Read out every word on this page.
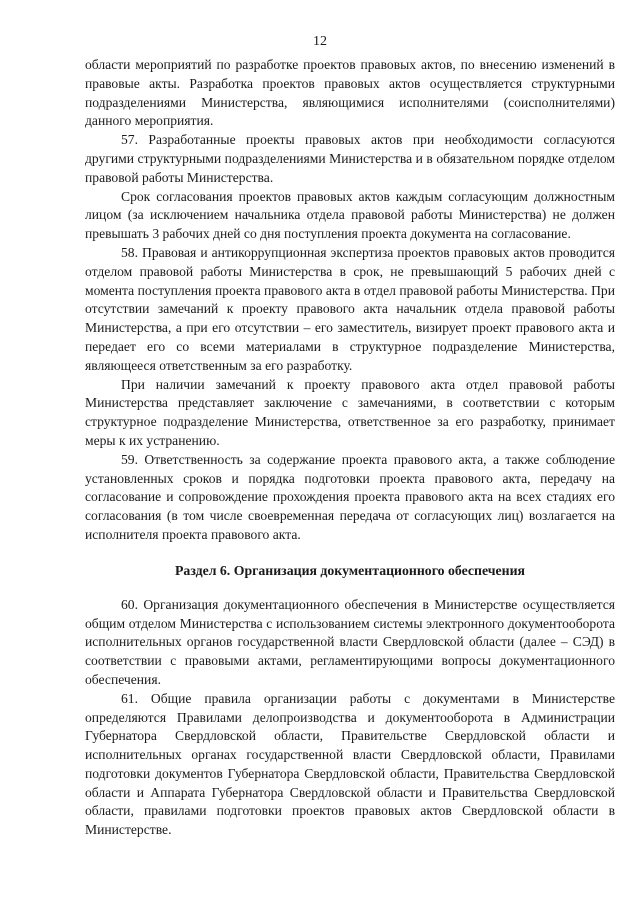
12

области мероприятий по разработке проектов правовых актов, по внесению изменений в правовые акты. Разработка проектов правовых актов осуществляется структурными подразделениями Министерства, являющимися исполнителями (соисполнителями) данного мероприятия.

57. Разработанные проекты правовых актов при необходимости согласуются другими структурными подразделениями Министерства и в обязательном порядке отделом правовой работы Министерства.

Срок согласования проектов правовых актов каждым согласующим должностным лицом (за исключением начальника отдела правовой работы Министерства) не должен превышать 3 рабочих дней со дня поступления проекта документа на согласование.

58. Правовая и антикоррупционная экспертиза проектов правовых актов проводится отделом правовой работы Министерства в срок, не превышающий 5 рабочих дней с момента поступления проекта правового акта в отдел правовой работы Министерства. При отсутствии замечаний к проекту правового акта начальник отдела правовой работы Министерства, а при его отсутствии – его заместитель, визирует проект правового акта и передает его со всеми материалами в структурное подразделение Министерства, являющееся ответственным за его разработку.

При наличии замечаний к проекту правового акта отдел правовой работы Министерства представляет заключение с замечаниями, в соответствии с которым структурное подразделение Министерства, ответственное за его разработку, принимает меры к их устранению.

59. Ответственность за содержание проекта правового акта, а также соблюдение установленных сроков и порядка подготовки проекта правового акта, передачу на согласование и сопровождение прохождения проекта правового акта на всех стадиях его согласования (в том числе своевременная передача от согласующих лиц) возлагается на исполнителя проекта правового акта.

Раздел 6. Организация документационного обеспечения

60. Организация документационного обеспечения в Министерстве осуществляется общим отделом Министерства с использованием системы электронного документооборота исполнительных органов государственной власти Свердловской области (далее – СЭД) в соответствии с правовыми актами, регламентирующими вопросы документационного обеспечения.

61. Общие правила организации работы с документами в Министерстве определяются Правилами делопроизводства и документооборота в Администрации Губернатора Свердловской области, Правительстве Свердловской области и исполнительных органах государственной власти Свердловской области, Правилами подготовки документов Губернатора Свердловской области, Правительства Свердловской области и Аппарата Губернатора Свердловской области и Правительства Свердловской области, правилами подготовки проектов правовых актов Свердловской области в Министерстве.
